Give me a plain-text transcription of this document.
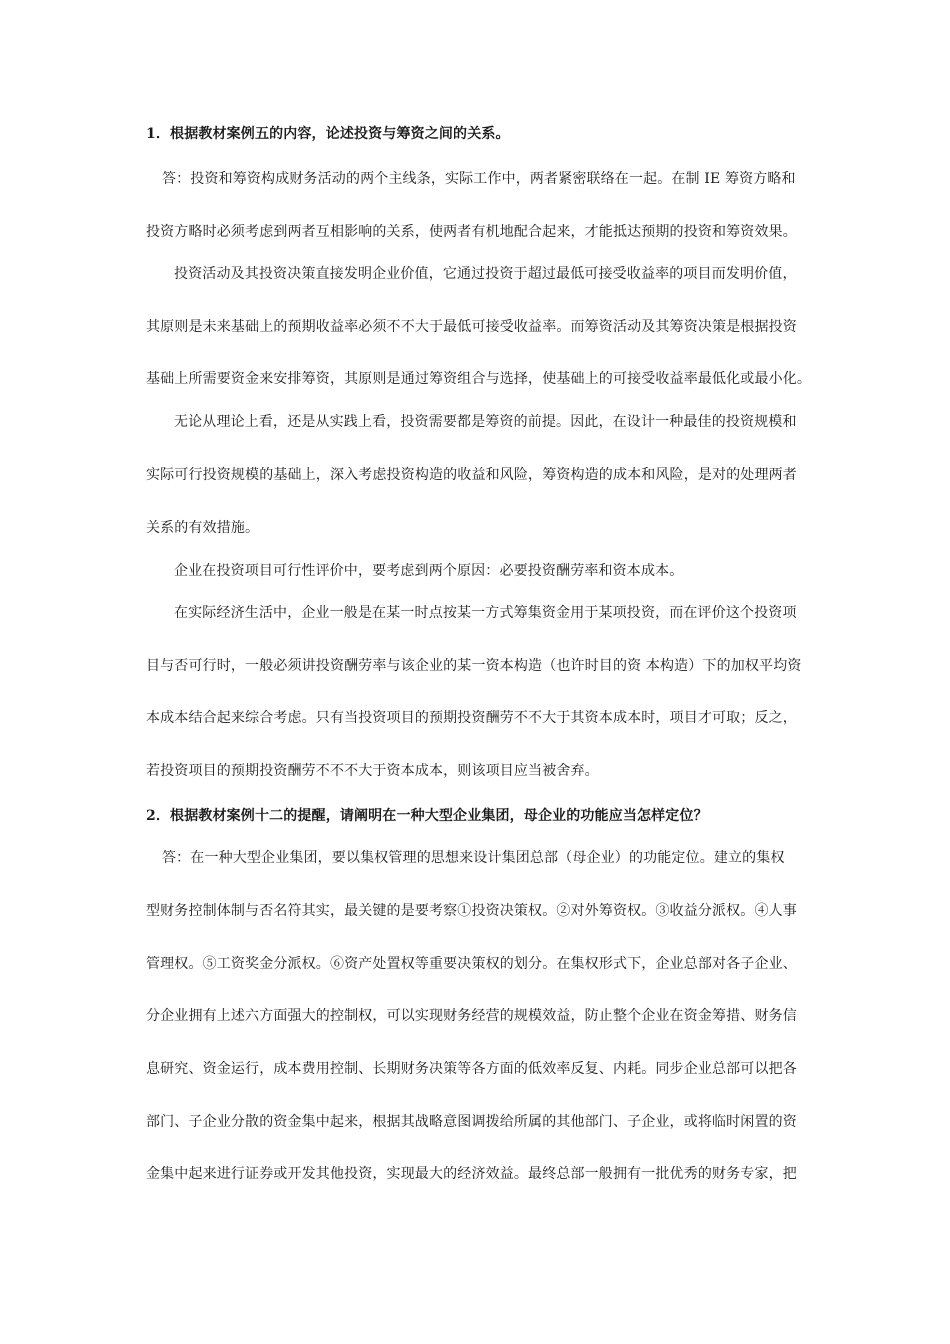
1．根据教材案例五的内容，论述投资与筹资之间的关系。
答：投资和筹资构成财务活动的两个主线条，实际工作中，两者紧密联络在一起。在制 IE 筹资方略和
投资方略时必须考虑到两者互相影响的关系，使两者有机地配合起来，才能抵达预期的投资和筹资效果。
投资活动及其投资决策直接发明企业价值，它通过投资于超过最低可接受收益率的项目而发明价值，
其原则是未来基础上的预期收益率必须不不大于最低可接受收益率。而筹资活动及其筹资决策是根据投资
基础上所需要资金来安排筹资，其原则是通过筹资组合与选择，使基础上的可接受收益率最低化或最小化。
无论从理论上看，还是从实践上看，投资需要都是筹资的前提。因此，在设计一种最佳的投资规模和
实际可行投资规模的基础上，深入考虑投资构造的收益和风险，筹资构造的成本和风险，是对的处理两者
关系的有效措施。
企业在投资项目可行性评价中，要考虑到两个原因：必要投资酬劳率和资本成本。
在实际经济生活中，企业一般是在某一时点按某一方式筹集资金用于某项投资，而在评价这个投资项
目与否可行时，一般必须讲投资酬劳率与该企业的某一资本构造（也许时目的资 本构造）下的加权平均资
本成本结合起来综合考虑。只有当投资项目的预期投资酬劳不不大于其资本成本时，项目才可取；反之，
若投资项目的预期投资酬劳不不不大于资本成本，则该项目应当被舍弃。
2．根据教材案例十二的提醒，请阐明在一种大型企业集团，母企业的功能应当怎样定位？
答：在一种大型企业集团，要以集权管理的思想来设计集团总部（母企业）的功能定位。建立的集权
型财务控制体制与否名符其实，最关键的是要考察①投资决策权。②对外筹资权。③收益分派权。④人事
管理权。⑤工资奖金分派权。⑥资产处置权等重要决策权的划分。在集权形式下，企业总部对各子企业、
分企业拥有上述六方面强大的控制权，可以实现财务经营的规模效益，防止整个企业在资金筹措、财务信
息研究、资金运行，成本费用控制、长期财务决策等各方面的低效率反复、内耗。同步企业总部可以把各
部门、子企业分散的资金集中起来，根据其战略意图调拨给所属的其他部门、子企业，或将临时闲置的资
金集中起来进行证券或开发其他投资，实现最大的经济效益。最终总部一般拥有一批优秀的财务专家，把
